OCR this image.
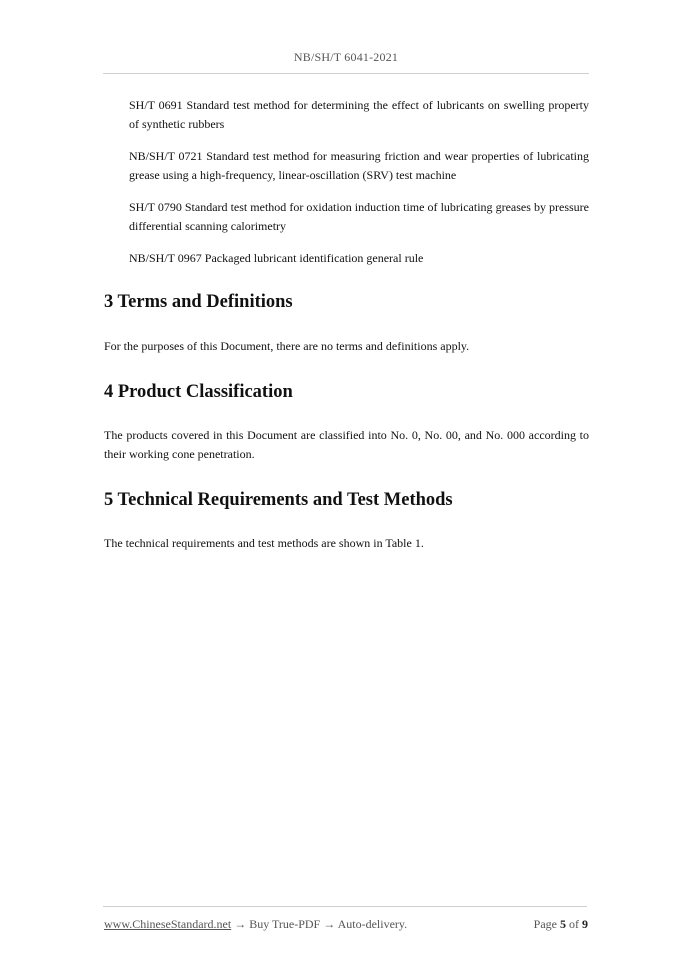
NB/SH/T 6041-2021

SH/T 0691 Standard test method for determining the effect of lubricants on swelling property of synthetic rubbers

NB/SH/T 0721 Standard test method for measuring friction and wear properties of lubricating grease using a high-frequency, linear-oscillation (SRV) test machine

SH/T 0790 Standard test method for oxidation induction time of lubricating greases by pressure differential scanning calorimetry

NB/SH/T 0967 Packaged lubricant identification general rule

3 Terms and Definitions

For the purposes of this Document, there are no terms and definitions apply.

4 Product Classification

The products covered in this Document are classified into No. 0, No. 00, and No. 000 according to their working cone penetration.

5 Technical Requirements and Test Methods

The technical requirements and test methods are shown in Table 1.

www.ChineseStandard.net → Buy True-PDF → Auto-delivery.	Page 5 of 9
